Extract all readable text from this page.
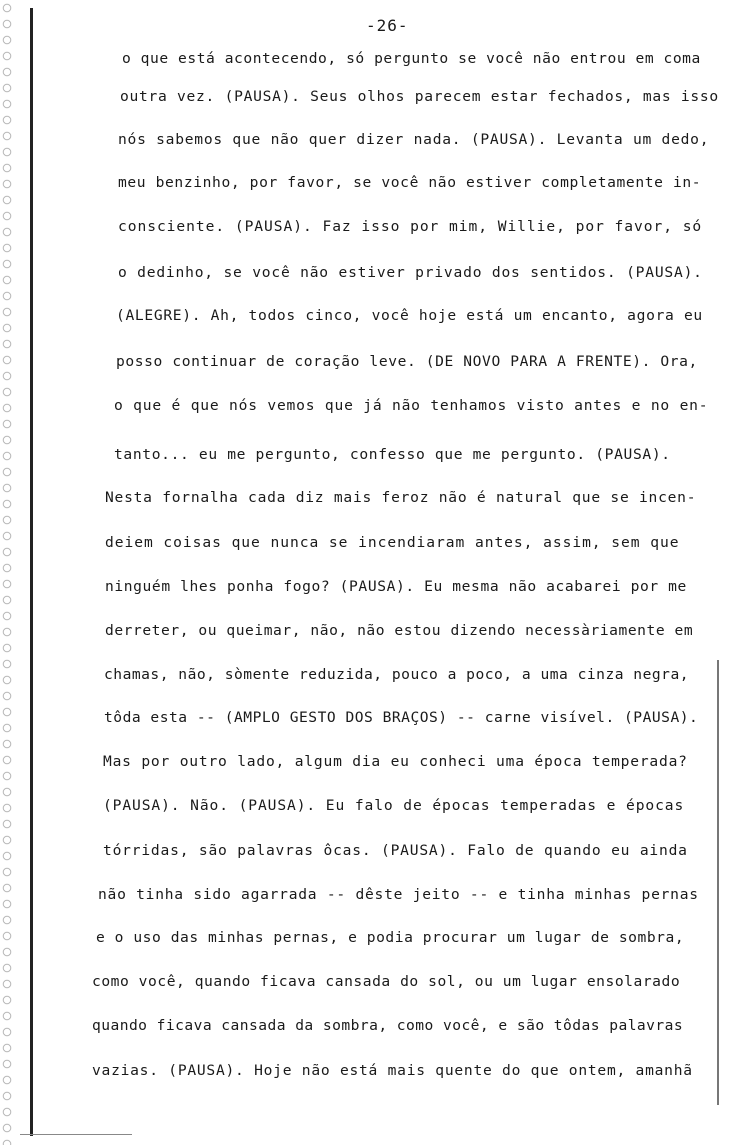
-26-
o que está acontecendo, só pergunto se você não entrou em coma
outra vez. (PAUSA). Seus olhos parecem estar fechados, mas isso
nós sabemos que não quer dizer nada. (PAUSA). Levanta um dedo,
meu benzinho, por favor, se você não estiver completamente in-
consciente. (PAUSA). Faz isso por mim, Willie, por favor, só
o dedinho, se você não estiver privado dos sentidos. (PAUSA).
(ALEGRE). Ah, todos cinco, você hoje está um encanto, agora eu
posso continuar de coração leve. (DE NOVO PARA A FRENTE). Ora,
o que é que nós vemos que já não tenhamos visto antes e no en-
tanto... eu me pergunto, confesso que me pergunto. (PAUSA).
Nesta fornalha cada diz mais feroz não é natural que se incen-
deiem coisas que nunca se incendiaram antes, assim, sem que
ninguém lhes ponha fogo? (PAUSA). Eu mesma não acabarei por me
derreter, ou queimar, não, não estou dizendo necessàriamente em
chamas, não, sòmente reduzida, pouco a poco, a uma cinza negra,
tôda esta -- (AMPLO GESTO DOS BRAÇOS) -- carne visível. (PAUSA).
Mas por outro lado, algum dia eu conheci uma época temperada?
(PAUSA). Não. (PAUSA). Eu falo de épocas temperadas e épocas
tórridas, são palavras ôcas. (PAUSA). Falo de quando eu ainda
não tinha sido agarrada -- dêste jeito -- e tinha minhas pernas
e o uso das minhas pernas, e podia procurar um lugar de sombra,
como você, quando ficava cansada do sol, ou um lugar ensolarado
quando ficava cansada da sombra, como você, e são tôdas palavras
vazias. (PAUSA). Hoje não está mais quente do que ontem, amanhã
